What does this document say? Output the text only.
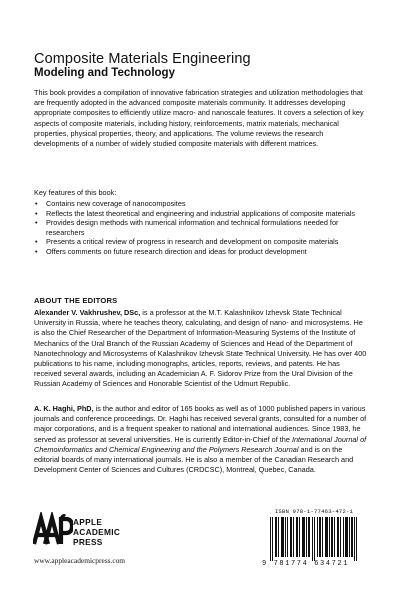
Composite Materials Engineering
Modeling and Technology

This book provides a compilation of innovative fabrication strategies and utilization methodologies that are frequently adopted in the advanced composite materials community. It addresses developing appropriate composites to efficiently utilize macro- and nanoscale features. It covers a selection of key aspects of composite materials, including history, reinforcements, matrix materials, mechanical properties, physical properties, theory, and applications. The volume reviews the research developments of a number of widely studied composite materials with different matrices.

Key features of this book:

• Contains new coverage of nanocomposites
• Reflects the latest theoretical and engineering and industrial applications of composite materials
• Provides design methods with numerical information and technical formulations needed for researchers
• Presents a critical review of progress in research and development on composite materials
• Offers comments on future research direction and ideas for product development
ABOUT THE EDITORS

Alexander V. Vakhrushev, DSc, is a professor at the M.T. Kalashnikov Izhevsk State Technical University in Russia, where he teaches theory, calculating, and design of nano- and microsystems. He is also the Chief Researcher of the Department of Information-Measuring Systems of the Institute of Mechanics of the Ural Branch of the Russian Academy of Sciences and Head of the Department of Nanotechnology and Microsystems of Kalashnikov Izhevsk State Technical University. He has over 400 publications to his name, including monographs, articles, reports, reviews, and patents. He has received several awards, including an Academician A. F. Sidorov Prize from the Ural Division of the Russian Academy of Sciences and Honorable Scientist of the Udmurt Republic.

A. K. Haghi, PhD, is the author and editor of 165 books as well as of 1000 published papers in various journals and conference proceedings. Dr. Haghi has received several grants, consulted for a number of major corporations, and is a frequent speaker to national and international audiences. Since 1983, he served as professor at several universities. He is currently Editor-in-Chief of the International Journal of Chemoinformatics and Chemical Engineering and the Polymers Research Journal and is on the editorial boards of many international journals. He is also a member of the Canadian Research and Development Center of Sciences and Cultures (CRDCSC), Montreal, Quebec, Canada.

APPLE
ACADEMIC
PRESS

www.appleacademicpress.com

ISBN 978-1-77463-472-1

9 781774 634721
